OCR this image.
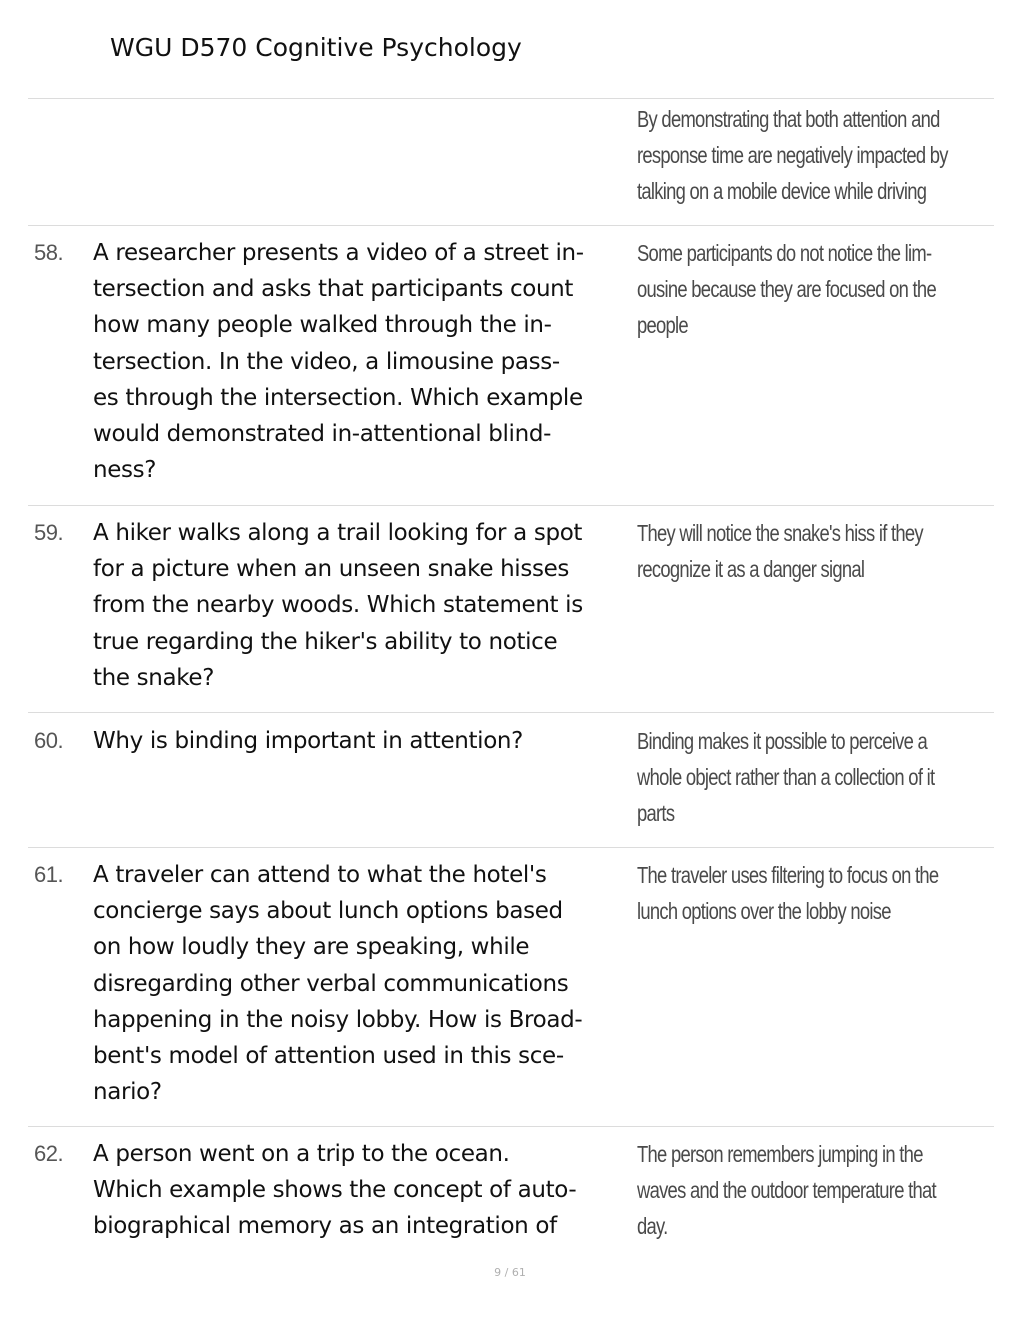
WGU D570 Cognitive Psychology
By demonstrating that both attention and
response time are negatively impacted by
talking on a mobile device while driving
58. A researcher presents a video of a street in-
tersection and asks that participants count
how many people walked through the in-
tersection. In the video, a limousine pass-
es through the intersection. Which example
would demonstrated in-attentional blind-
ness?
Some participants do not notice the lim-
ousine because they are focused on the
people
59. A hiker walks along a trail looking for a spot
for a picture when an unseen snake hisses
from the nearby woods. Which statement is
true regarding the hiker's ability to notice
the snake?
They will notice the snake's hiss if they
recognize it as a danger signal
60. Why is binding important in attention?	Binding makes it possible to perceive a
whole object rather than a collection of it
parts
61. A traveler can attend to what the hotel's
concierge says about lunch options based
on how loudly they are speaking, while
disregarding other verbal communications
happening in the noisy lobby. How is Broad-
bent's model of attention used in this sce-
nario?
The traveler uses filtering to focus on the
lunch options over the lobby noise
62. A person went on a trip to the ocean.
Which example shows the concept of auto-
biographical memory as an integration of
The person remembers jumping in the
waves and the outdoor temperature that
day.
9 / 61
